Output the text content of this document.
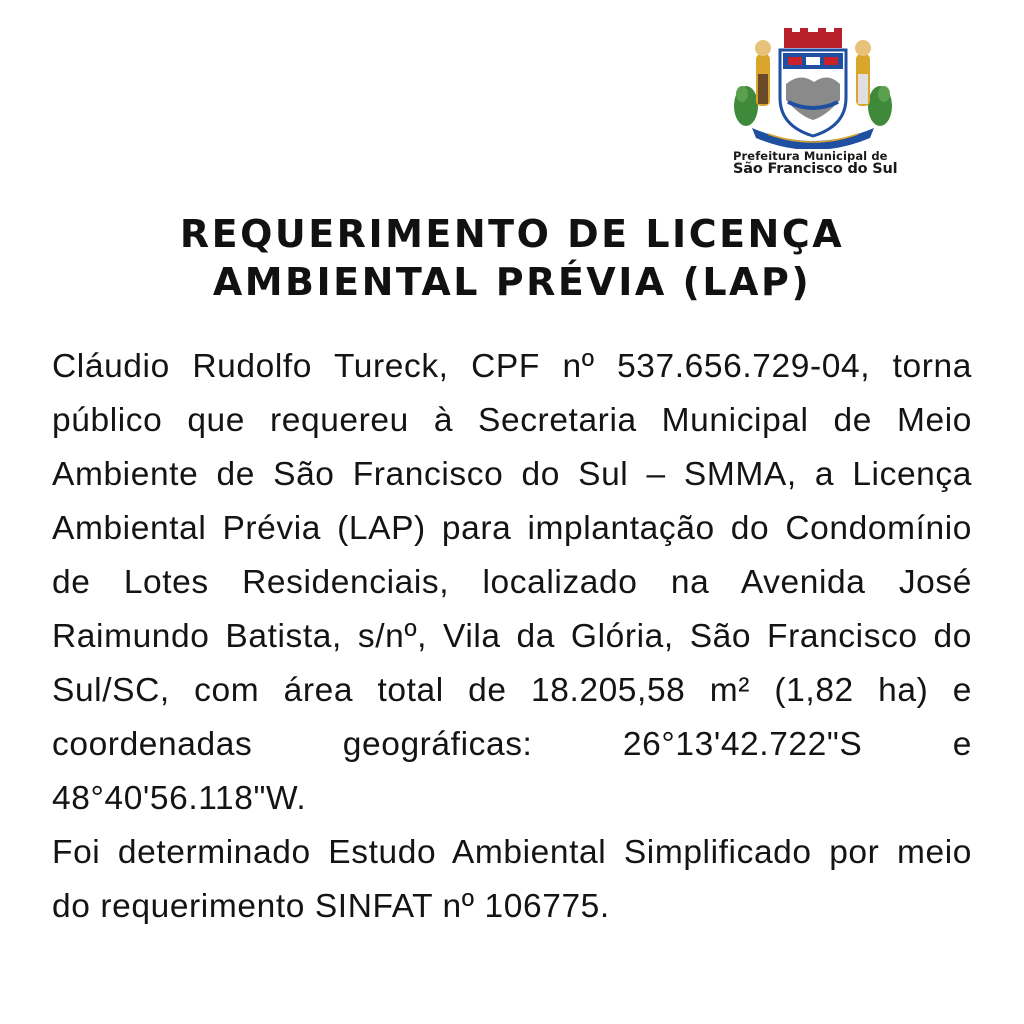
Prefeitura Municipal de
São Francisco do Sul
REQUERIMENTO DE LICENÇA
AMBIENTAL PRÉVIA (LAP)

Cláudio Rudolfo Tureck, CPF nº 537.656.729-04, torna público que requereu à Secretaria Municipal de Meio Ambiente de São Francisco do Sul – SMMA, a Licença Ambiental Prévia (LAP) para implantação do Condomínio de Lotes Residenciais, localizado na Avenida José Raimundo Batista, s/nº, Vila da Glória, São Francisco do Sul/SC, com área total de 18.205,58 m² (1,82 ha) e coordenadas geográficas: 26°13'42.722"S e 48°40'56.118"W.

Foi determinado Estudo Ambiental Simplificado por meio do requerimento SINFAT nº 106775.
